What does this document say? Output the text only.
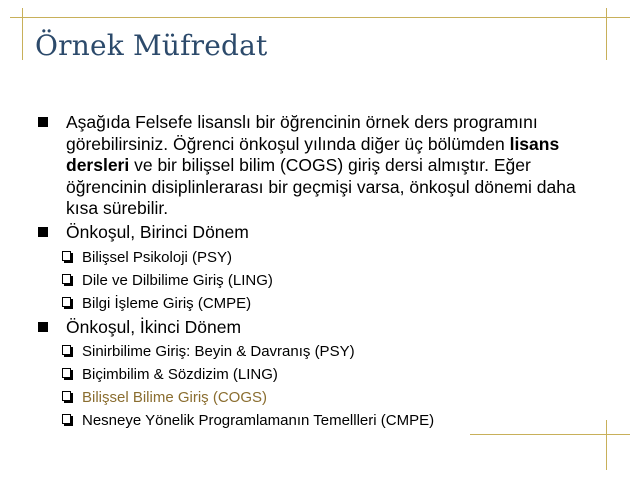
Örnek Müfredat
Aşağıda Felsefe lisanslı bir öğrencinin örnek ders programını görebilirsiniz. Öğrenci önkoşul yılında diğer üç bölümden lisans dersleri ve bir bilişsel bilim (COGS) giriş dersi almıştır. Eğer öğrencinin disiplinlerarası bir geçmişi varsa, önkoşul dönemi daha kısa sürebilir.
Önkoşul, Birinci Dönem
Bilişsel Psikoloji (PSY)
Dile ve Dilbilime Giriş (LING)
Bilgi İşleme Giriş (CMPE)
Önkoşul, İkinci Dönem
Sinirbilime Giriş: Beyin & Davranış (PSY)
Biçimbilim & Sözdizim (LING)
Bilişsel Bilime Giriş (COGS)
Nesneye Yönelik Programlamanın Temellleri (CMPE)
